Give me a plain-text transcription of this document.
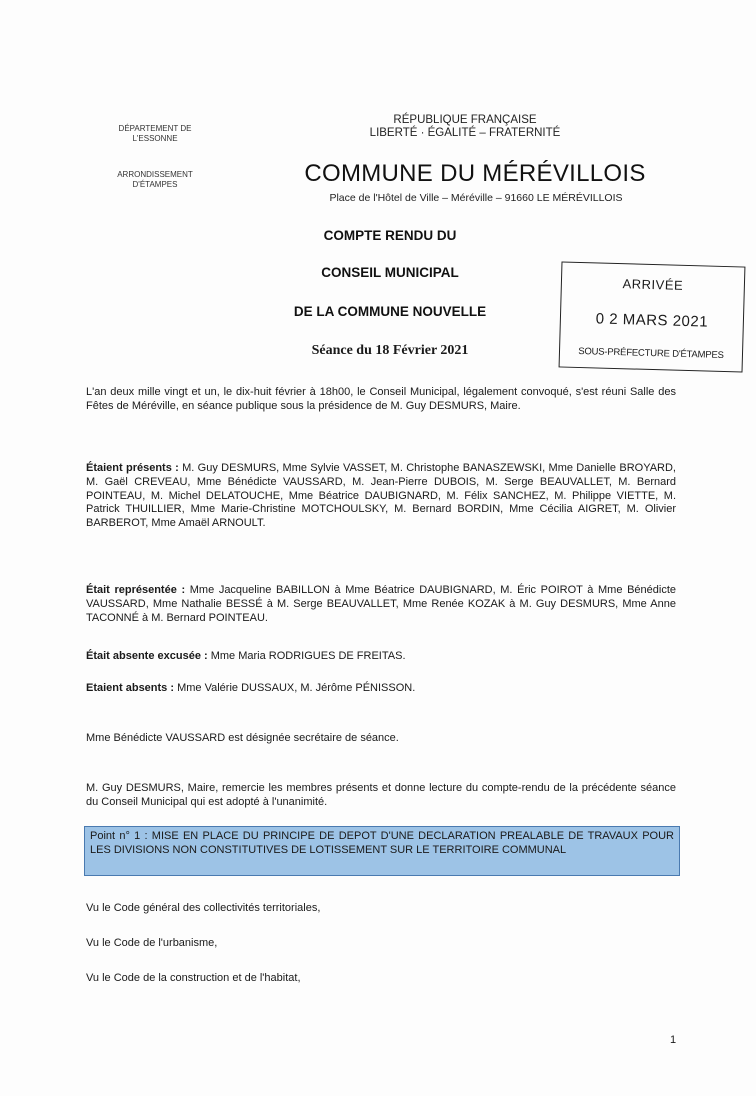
DÉPARTEMENT DE L'ESSONNE
ARRONDISSEMENT D'ÉTAMPES
RÉPUBLIQUE FRANÇAISE
LIBERTÉ · ÉGALITÉ – FRATERNITÉ
COMMUNE DU MÉRÉVILLOIS
Place de l'Hôtel de Ville – Méréville – 91660 LE MÉRÉVILLOIS
COMPTE RENDU DU
CONSEIL MUNICIPAL
DE LA COMMUNE NOUVELLE
Séance du 18 Février 2021
ARRIVÉE
0 2 MARS 2021
SOUS-PRÉFECTURE D'ÉTAMPES
L'an deux mille vingt et un, le dix-huit février à 18h00, le Conseil Municipal, légalement convoqué, s'est réuni Salle des Fêtes de Méréville, en séance publique sous la présidence de M. Guy DESMURS, Maire.
Étaient présents : M. Guy DESMURS, Mme Sylvie VASSET, M. Christophe BANASZEWSKI, Mme Danielle BROYARD, M. Gaël CREVEAU, Mme Bénédicte VAUSSARD, M. Jean-Pierre DUBOIS, M. Serge BEAUVALLET, M. Bernard POINTEAU, M. Michel DELATOUCHE, Mme Béatrice DAUBIGNARD, M. Félix SANCHEZ, M. Philippe VIETTE, M. Patrick THUILLIER, Mme Marie-Christine MOTCHOULSKY, M. Bernard BORDIN, Mme Cécilia AIGRET, M. Olivier BARBEROT, Mme Amaël ARNOULT.
Était représentée : Mme Jacqueline BABILLON à Mme Béatrice DAUBIGNARD, M. Éric POIROT à Mme Bénédicte VAUSSARD, Mme Nathalie BESSÉ à M. Serge BEAUVALLET, Mme Renée KOZAK à M. Guy DESMURS, Mme Anne TACONNÉ à M. Bernard POINTEAU.
Était absente excusée : Mme Maria RODRIGUES DE FREITAS.
Etaient absents : Mme Valérie DUSSAUX, M. Jérôme PÉNISSON.
Mme Bénédicte VAUSSARD est désignée secrétaire de séance.
M. Guy DESMURS, Maire, remercie les membres présents et donne lecture du compte-rendu de la précédente séance du Conseil Municipal qui est adopté à l'unanimité.
Point n° 1 : MISE EN PLACE DU PRINCIPE DE DEPOT D'UNE DECLARATION PREALABLE DE TRAVAUX POUR LES DIVISIONS NON CONSTITUTIVES DE LOTISSEMENT SUR LE TERRITOIRE COMMUNAL
Vu le Code général des collectivités territoriales,
Vu le Code de l'urbanisme,
Vu le Code de la construction et de l'habitat,
1
